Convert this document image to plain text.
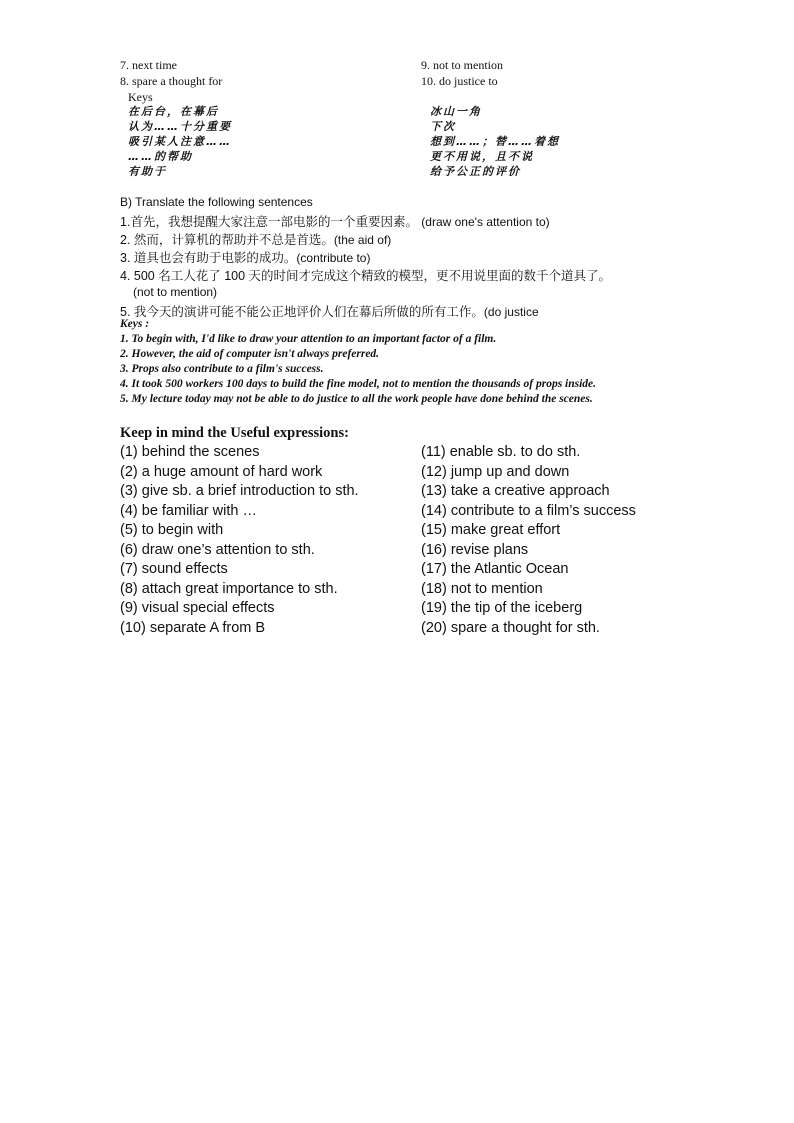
7. next time
8. spare a thought for
9. not to mention
10. do justice to
Keys
在后台，在幕后
认为……十分重要
吸引某人注意……
……的帮助
有助于
冰山一角
下次
想到……；替……着想
更不用说，且不说
给予公正的评价
B) Translate the following sentences
1.首先，我想提醒大家注意一部电影的一个重要因素。 (draw one's attention to)
2. 然而，计算机的帮助并不总是首选。(the aid of)
3. 道具也会有助于电影的成功。(contribute to)
4. 500 名工人花了 100 天的时间才完成这个精致的模型，更不用说里面的数千个道具了。
(not to mention)
5. 我今天的演讲可能不能公正地评价人们在幕后所做的所有工作。(do justice
Keys :
1. To begin with, I'd like to draw your attention to an important factor of a film.
2. However, the aid of computer isn't always preferred.
3. Props also contribute to a film's success.
4. It took 500 workers 100 days to build the fine model, not to mention the thousands of props inside.
5. My lecture today may not be able to do justice to all the work people have done behind the scenes.
Keep in mind the Useful expressions:
(1) behind the scenes
(2) a huge amount of hard work
(3) give sb. a brief introduction to sth.
(4) be familiar with …
(5) to begin with
(6) draw one’s attention to sth.
(7) sound effects
(8) attach great importance to sth.
(9) visual special effects
(10) separate A from B
(11) enable sb. to do sth.
(12) jump up and down
(13) take a creative approach
(14) contribute to a film’s success
(15) make great effort
(16) revise plans
(17) the Atlantic Ocean
(18) not to mention
(19) the tip of the iceberg
(20) spare a thought for sth.
